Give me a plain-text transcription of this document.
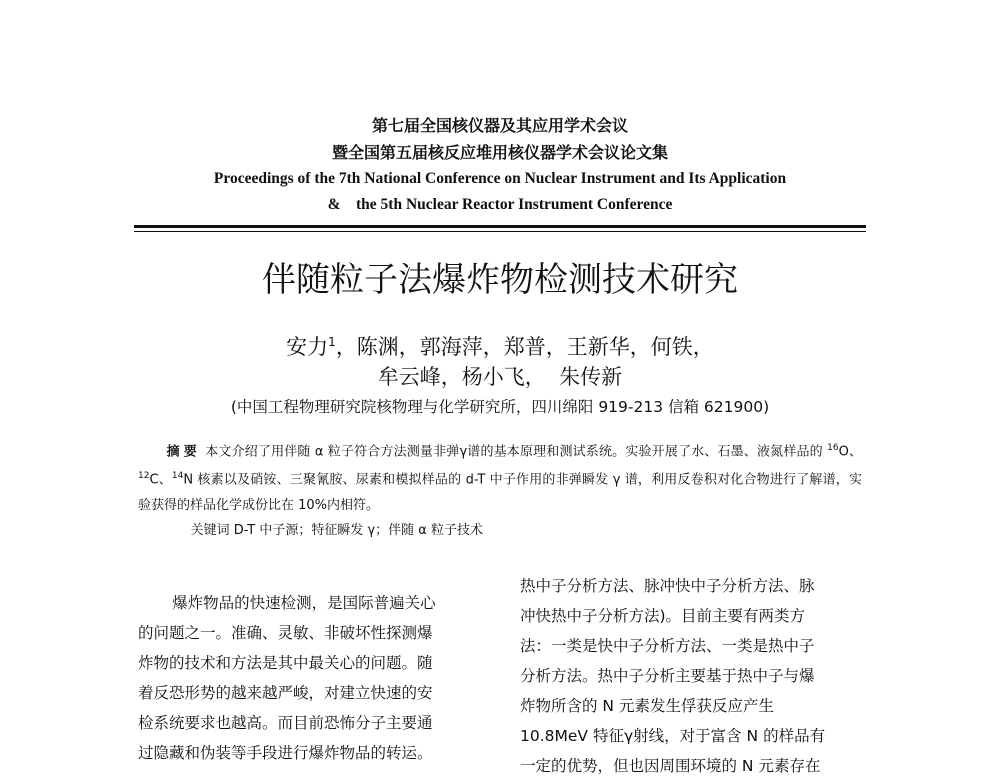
第七届全国核仪器及其应用学术会议
暨全国第五届核反应堆用核仪器学术会议论文集
Proceedings of the 7th National Conference on Nuclear Instrument and Its Application
&    the 5th Nuclear Reactor Instrument Conference
伴随粒子法爆炸物检测技术研究
安力$^1$，陈渊，郭海萍，郑普，王新华，何铁，
牟云峰，杨小飞，  朱传新
(中国工程物理研究院核物理与化学研究所，四川绵阳 919-213 信箱 621900)

摘要 本文介绍了用伴随 α 粒子符合方法测量非弹γ谱的基本原理和测试系统。实验开展了水、石墨、液氮样品的 $^{16}$O、$^{12}$C、$^{14}$N 核素以及硝铵、三聚氰胺、尿素和模拟样品的 d-T 中子作用的非弹瞬发 γ 谱，利用反卷积对化合物进行了解谱，实验获得的样品化学成份比在 10%内相符。

关键词 D-T 中子源；特征瞬发 γ；伴随 α 粒子技术

爆炸物品的快速检测，是国际普遍关心

的问题之一。准确、灵敏、非破坏性探测爆

炸物的技术和方法是其中最关心的问题。随

着反恐形势的越来越严峻，对建立快速的安

检系统要求也越高。而目前恐怖分子主要通

过隐藏和伪装等手段进行爆炸物品的转运。

热中子分析方法、脉冲快中子分析方法、脉

冲快热中子分析方法)。目前主要有两类方

法：一类是快中子分析方法、一类是热中子

分析方法。热中子分析主要基于热中子与爆

炸物所含的 N 元素发生俘获反应产生

10.8MeV 特征γ射线，对于富含 N 的样品有

一定的优势，但也因周围环境的 N 元素存在
